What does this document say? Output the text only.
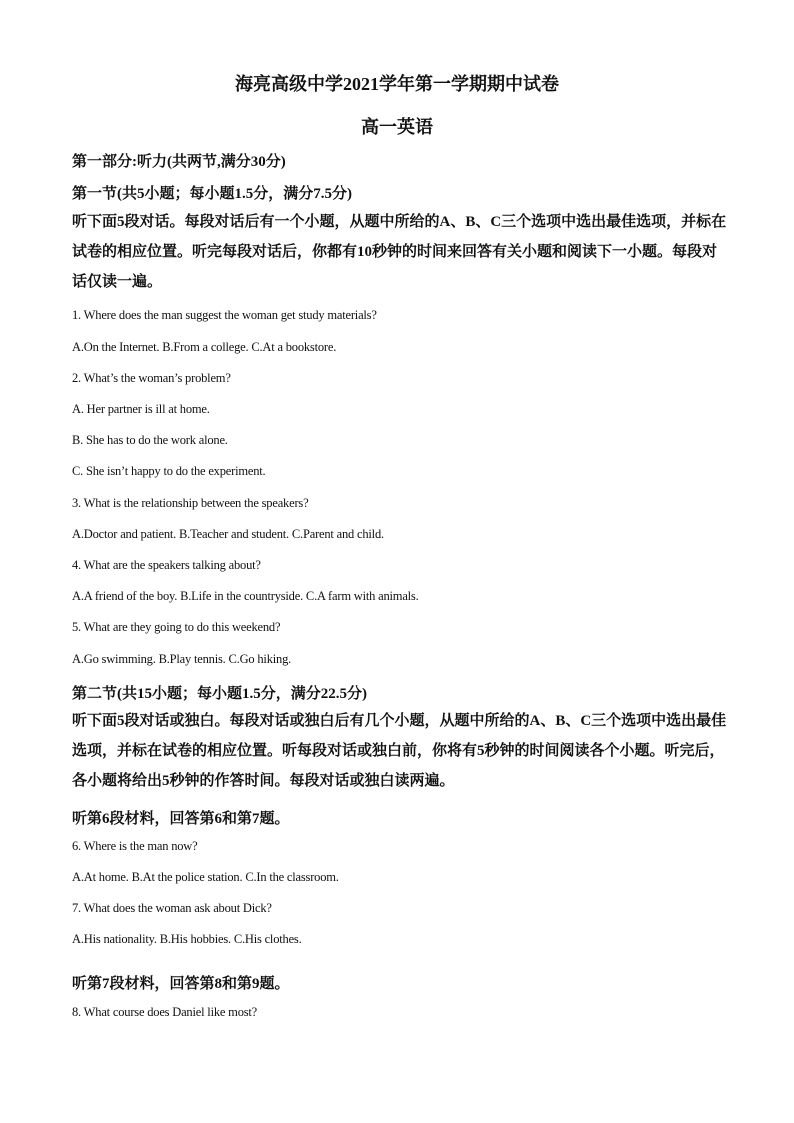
海亮高级中学2021学年第一学期期中试卷
高一英语
第一部分:听力(共两节,满分30分)
第一节(共5小题；每小题1.5分，满分7.5分)
听下面5段对话。每段对话后有一个小题，从题中所给的A、B、C三个选项中选出最佳选项，并标在试卷的相应位置。听完每段对话后，你都有10秒钟的时间来回答有关小题和阅读下一小题。每段对话仅读一遍。
1. Where does the man suggest the woman get study materials?
A.On the Internet. B.From a college. C.At a bookstore.
2. What’s the woman’s problem?
A. Her partner is ill at home.
B. She has to do the work alone.
C. She isn’t happy to do the experiment.
3. What is the relationship between the speakers?
A.Doctor and patient. B.Teacher and student. C.Parent and child.
4. What are the speakers talking about?
A.A friend of the boy. B.Life in the countryside. C.A farm with animals.
5. What are they going to do this weekend?
A.Go swimming. B.Play tennis. C.Go hiking.
第二节(共15小题；每小题1.5分，满分22.5分)
听下面5段对话或独白。每段对话或独白后有几个小题，从题中所给的A、B、C三个选项中选出最佳选项，并标在试卷的相应位置。听每段对话或独白前，你将有5秒钟的时间阅读各个小题。听完后， 各小题将给出5秒钟的作答时间。每段对话或独白读两遍。
听第6段材料，回答第6和第7题。
6. Where is the man now?
A.At home. B.At the police station. C.In the classroom.
7. What does the woman ask about Dick?
A.His nationality. B.His hobbies. C.His clothes.
听第7段材料，回答第8和第9题。
8. What course does Daniel like most?
